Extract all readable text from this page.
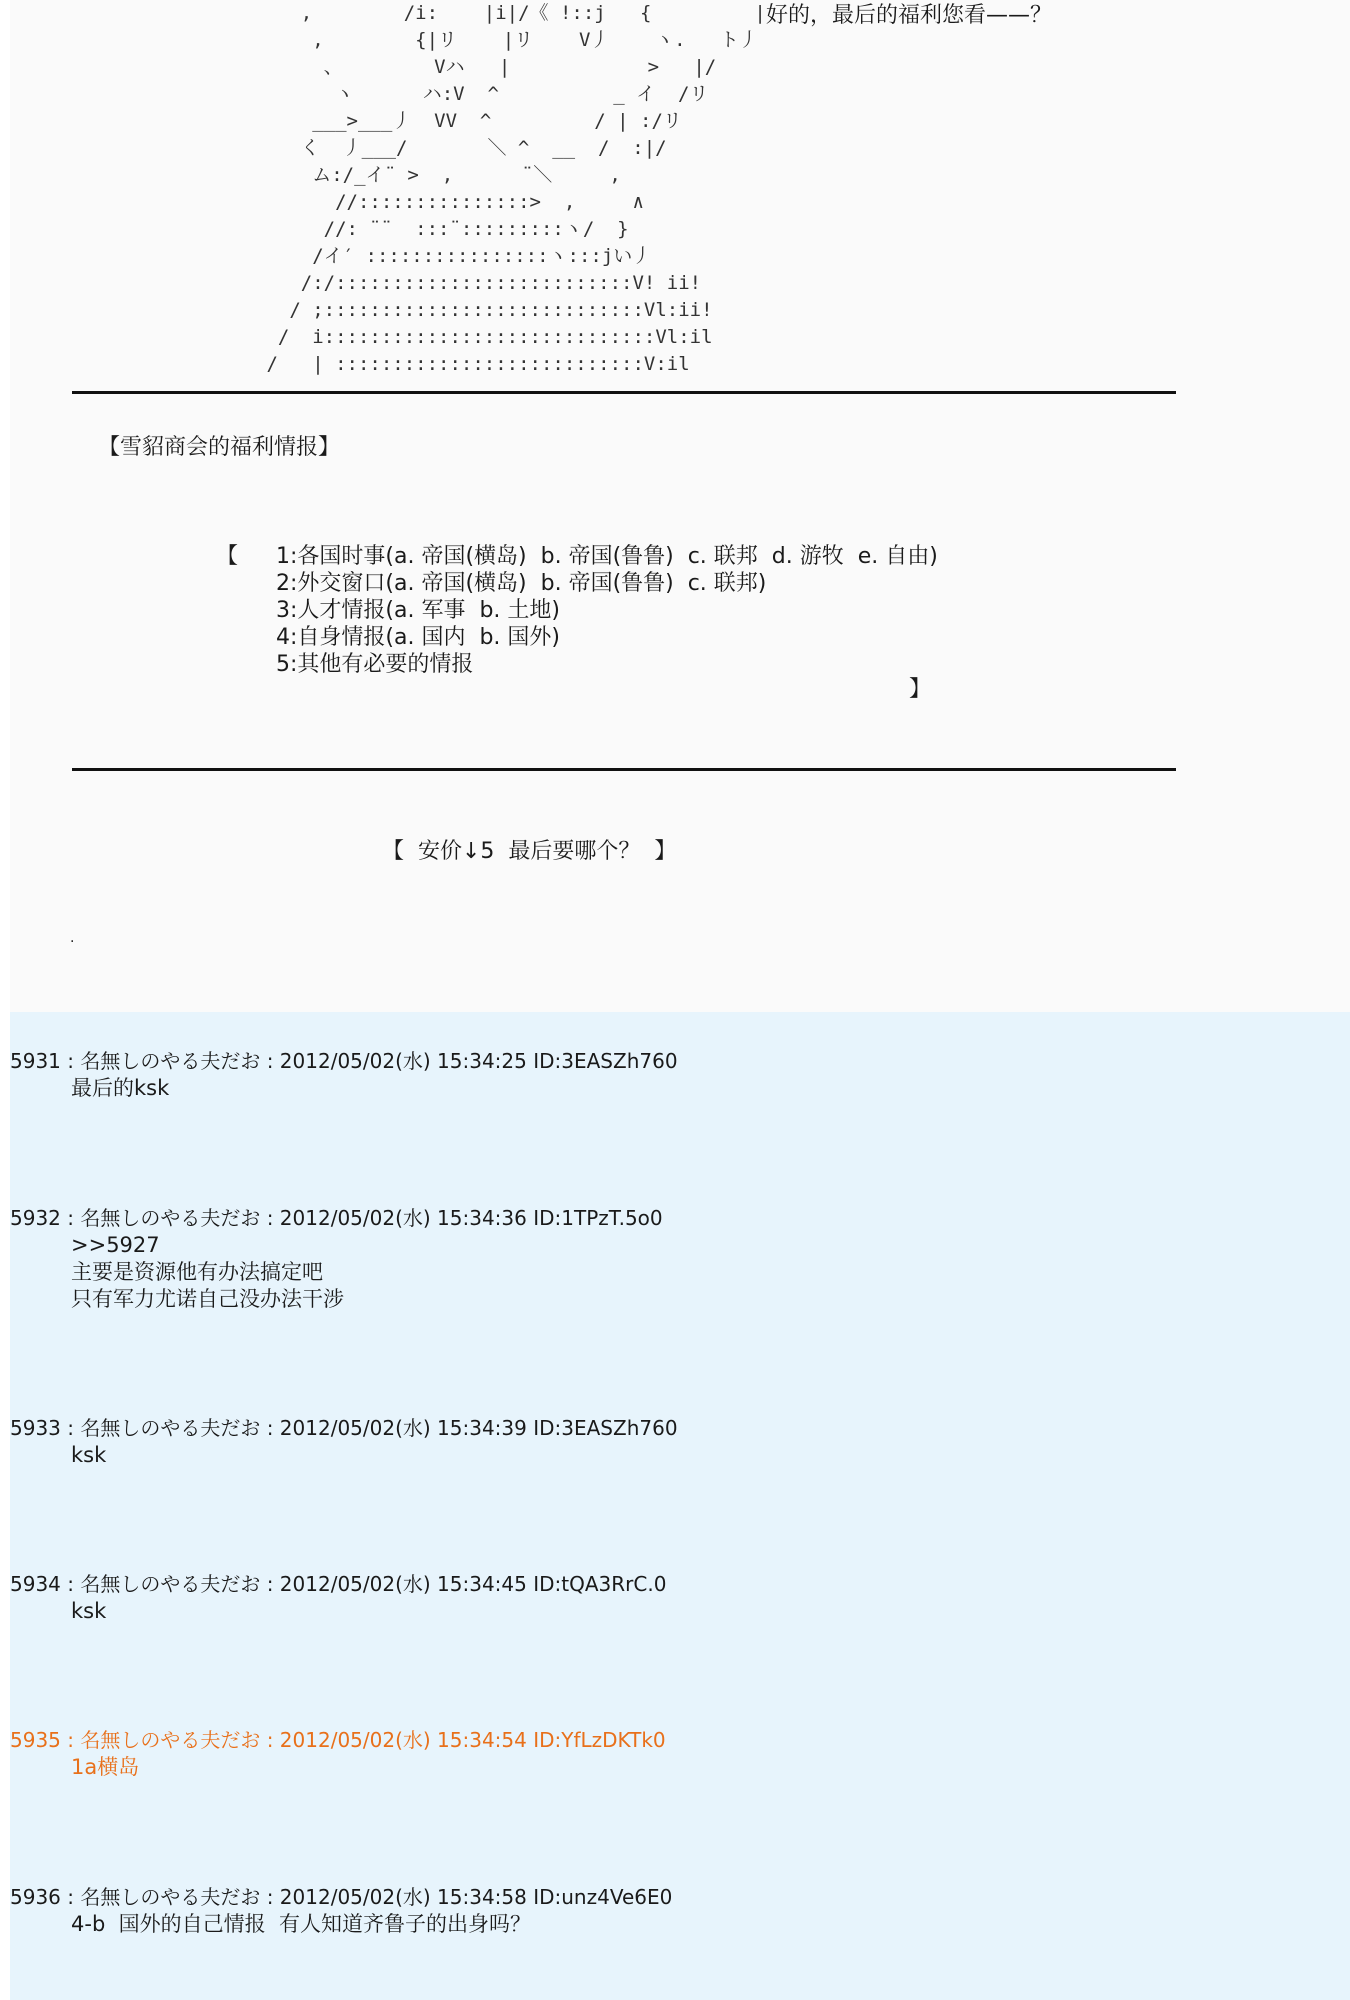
,        /i:    |i|/《 !::j   {         |
,        {|リ    |リ    V丿    ヽ.   ト丿
、        Vハ   |            >   |/
ヽ      ハ:V  ^          _ イ  /リ
___>___丿  VV  ^         / | :/リ
く  丿___/       ＼ ^  __  /  :|/
ム:/_イ¨ >  ,      ¨＼     ,
//:::::::::::::::>  ,     ∧
//: ¨¨  :::¨:::::::::ヽ/  }
/イ′ ::::::::::::::::ヽ:::jい丿
/:/::::::::::::::::::::::::::V! ii!
/ ;::::::::::::::::::::::::::::Vl:ii!
/  i:::::::::::::::::::::::::::::Vl:il
/   | :::::::::::::::::::::::::::V:il
好的，最后的福利您看——？
【雪貂商会的福利情报】
【 1:各国时事(a. 帝国(横岛)  b. 帝国(鲁鲁)  c. 联邦  d. 游牧  e. 自由)
2:外交窗口(a. 帝国(横岛)  b. 帝国(鲁鲁)  c. 联邦)
3:人才情报(a. 军事  b. 土地)
4:自身情报(a. 国内  b. 国外)
5:其他有必要的情报
】
【  安价↓5  最后要哪个？  】
.
5931 : 名無しのやる夫だお : 2012/05/02(水) 15:34:25 ID:3EASZh760
最后的ksk
5932 : 名無しのやる夫だお : 2012/05/02(水) 15:34:36 ID:1TPzT.5o0
>>5927
主要是资源他有办法搞定吧
只有军力尤诺自己没办法干涉
5933 : 名無しのやる夫だお : 2012/05/02(水) 15:34:39 ID:3EASZh760
ksk
5934 : 名無しのやる夫だお : 2012/05/02(水) 15:34:45 ID:tQA3RrC.0
ksk
5935 : 名無しのやる夫だお : 2012/05/02(水) 15:34:54 ID:YfLzDKTk0
1a横岛
5936 : 名無しのやる夫だお : 2012/05/02(水) 15:34:58 ID:unz4Ve6E0
4-b  国外的自己情报  有人知道齐鲁子的出身吗？
